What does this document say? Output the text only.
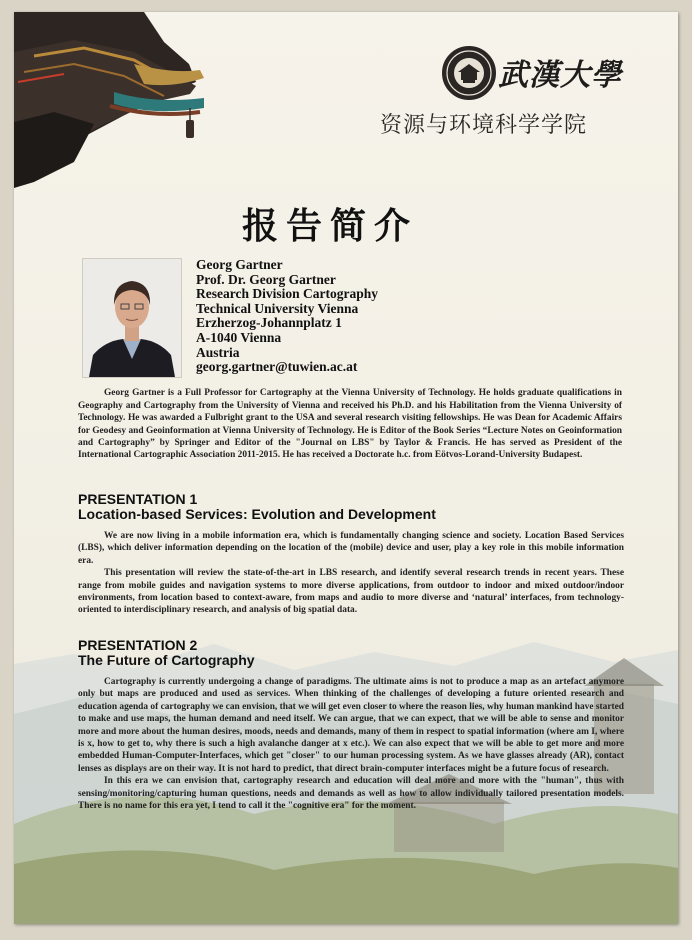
武漢大學
资源与环境科学学院
报告简介
Georg Gartner
Prof. Dr. Georg Gartner
Research Division Cartography
Technical University Vienna
Erzherzog-Johannplatz 1
A-1040 Vienna
Austria
georg.gartner@tuwien.ac.at

Georg Gartner is a Full Professor for Cartography at the Vienna University of Technology. He holds graduate qualifications in Geography and Cartography from the University of Vienna and received his Ph.D. and his Habilitation from the Vienna University of Technology. He was awarded a Fulbright grant to the USA and several research visiting fellowships. He was Dean for Academic Affairs for Geodesy and Geoinformation at Vienna University of Technology. He is Editor of the Book Series “Lecture Notes on Geoinformation and Cartography” by Springer and Editor of the "Journal on LBS" by Taylor & Francis. He has served as President of the International Cartographic Association 2011-2015. He has received a Doctorate h.c. from Eötvos-Lorand-University Budapest.

PRESENTATION 1
Location-based Services: Evolution and Development

We are now living in a mobile information era, which is fundamentally changing science and society. Location Based Services (LBS), which deliver information depending on the location of the (mobile) device and user, play a key role in this mobile information era.

This presentation will review the state-of-the-art in LBS research, and identify several research trends in recent years. These range from mobile guides and navigation systems to more diverse applications, from outdoor to indoor and mixed outdoor/indoor environments, from location based to context-aware, from maps and audio to more diverse and ‘natural’ interfaces, from technology-oriented to interdisciplinary research, and analysis of big spatial data.

PRESENTATION 2
The Future of Cartography

Cartography is currently undergoing a change of paradigms. The ultimate aims is not to produce a map as an artefact anymore only but maps are produced and used as services. When thinking of the challenges of developing a future oriented research and education agenda of cartography we can envision, that we will get even closer to where the reason lies, why human mankind have started to make and use maps, the human demand and need itself. We can argue, that we can expect, that we will be able to sense and monitor more and more about the human desires, moods, needs and demands, many of them in respect to spatial information (where am I, where is x, how to get to, why there is such a high avalanche danger at x etc.). We can also expect that we will be able to get more and more embedded Human-Computer-Interfaces, which get "closer" to our human processing system. As we have glasses already (AR), contact lenses as displays are on their way. It is not hard to predict, that direct brain-computer interfaces might be a future focus of research.

In this era we can envision that, cartography research and education will deal more and more with the "human", thus with sensing/monitoring/capturing human questions, needs and demands as well as how to allow individually tailored presentation models. There is no name for this era yet, I tend to call it the "cognitive era" for the moment.
